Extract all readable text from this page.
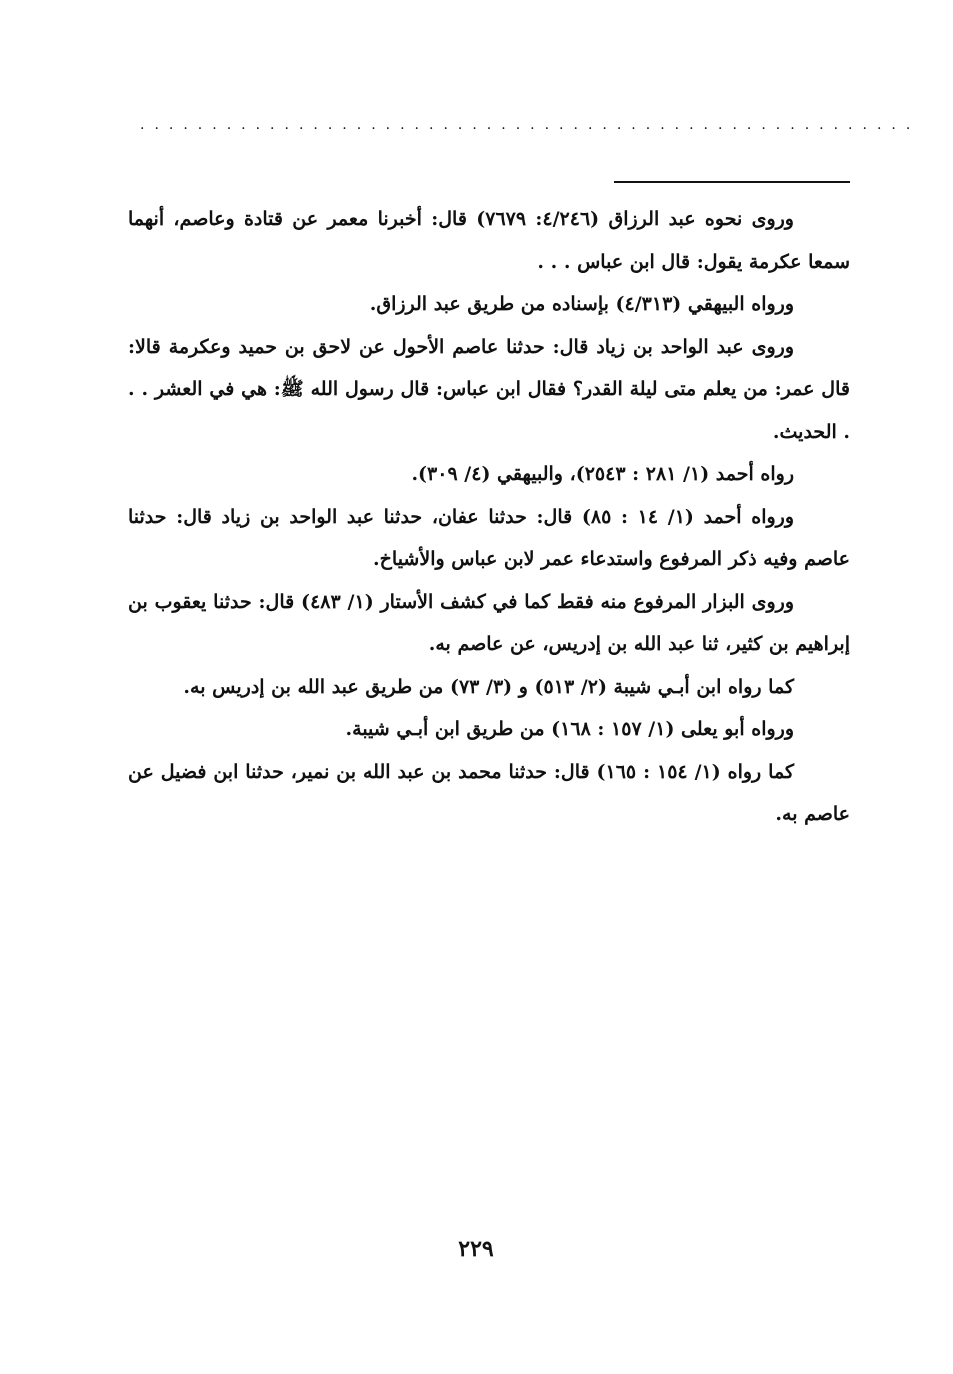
......................................................

وروى نحوه عبد الرزاق (٤/٢٤٦: ٧٦٧٩) قال: أخبرنا معمر عن قتادة وعاصم، أنهما سمعا عكرمة يقول: قال ابن عباس . . .

ورواه البيهقي (٤/٣١٣) بإسناده من طريق عبد الرزاق.

وروى عبد الواحد بن زياد قال: حدثنا عاصم الأحول عن لاحق بن حميد وعكرمة قالا: قال عمر: من يعلم متى ليلة القدر؟ فقال ابن عباس: قال رسول الله ﷺ: هي في العشر . . . الحديث.

رواه أحمد (١/ ٢٨١ : ٢٥٤٣)، والبيهقي (٤/ ٣٠٩).

ورواه أحمد (١/ ١٤ : ٨٥) قال: حدثنا عفان، حدثنا عبد الواحد بن زياد قال: حدثنا عاصم وفيه ذكر المرفوع واستدعاء عمر لابن عباس والأشياخ.

وروى البزار المرفوع منه فقط كما في كشف الأستار (١/ ٤٨٣) قال: حدثنا يعقوب بن إبراهيم بن كثير، ثنا عبد الله بن إدريس، عن عاصم به.

كما رواه ابن أبـي شيبة (٢/ ٥١٣) و (٣/ ٧٣) من طريق عبد الله بن إدريس به.

ورواه أبو يعلى (١/ ١٥٧ : ١٦٨) من طريق ابن أبـي شيبة.

كما رواه (١/ ١٥٤ : ١٦٥) قال: حدثنا محمد بن عبد الله بن نمير، حدثنا ابن فضيل عن عاصم به.

٢٢٩
